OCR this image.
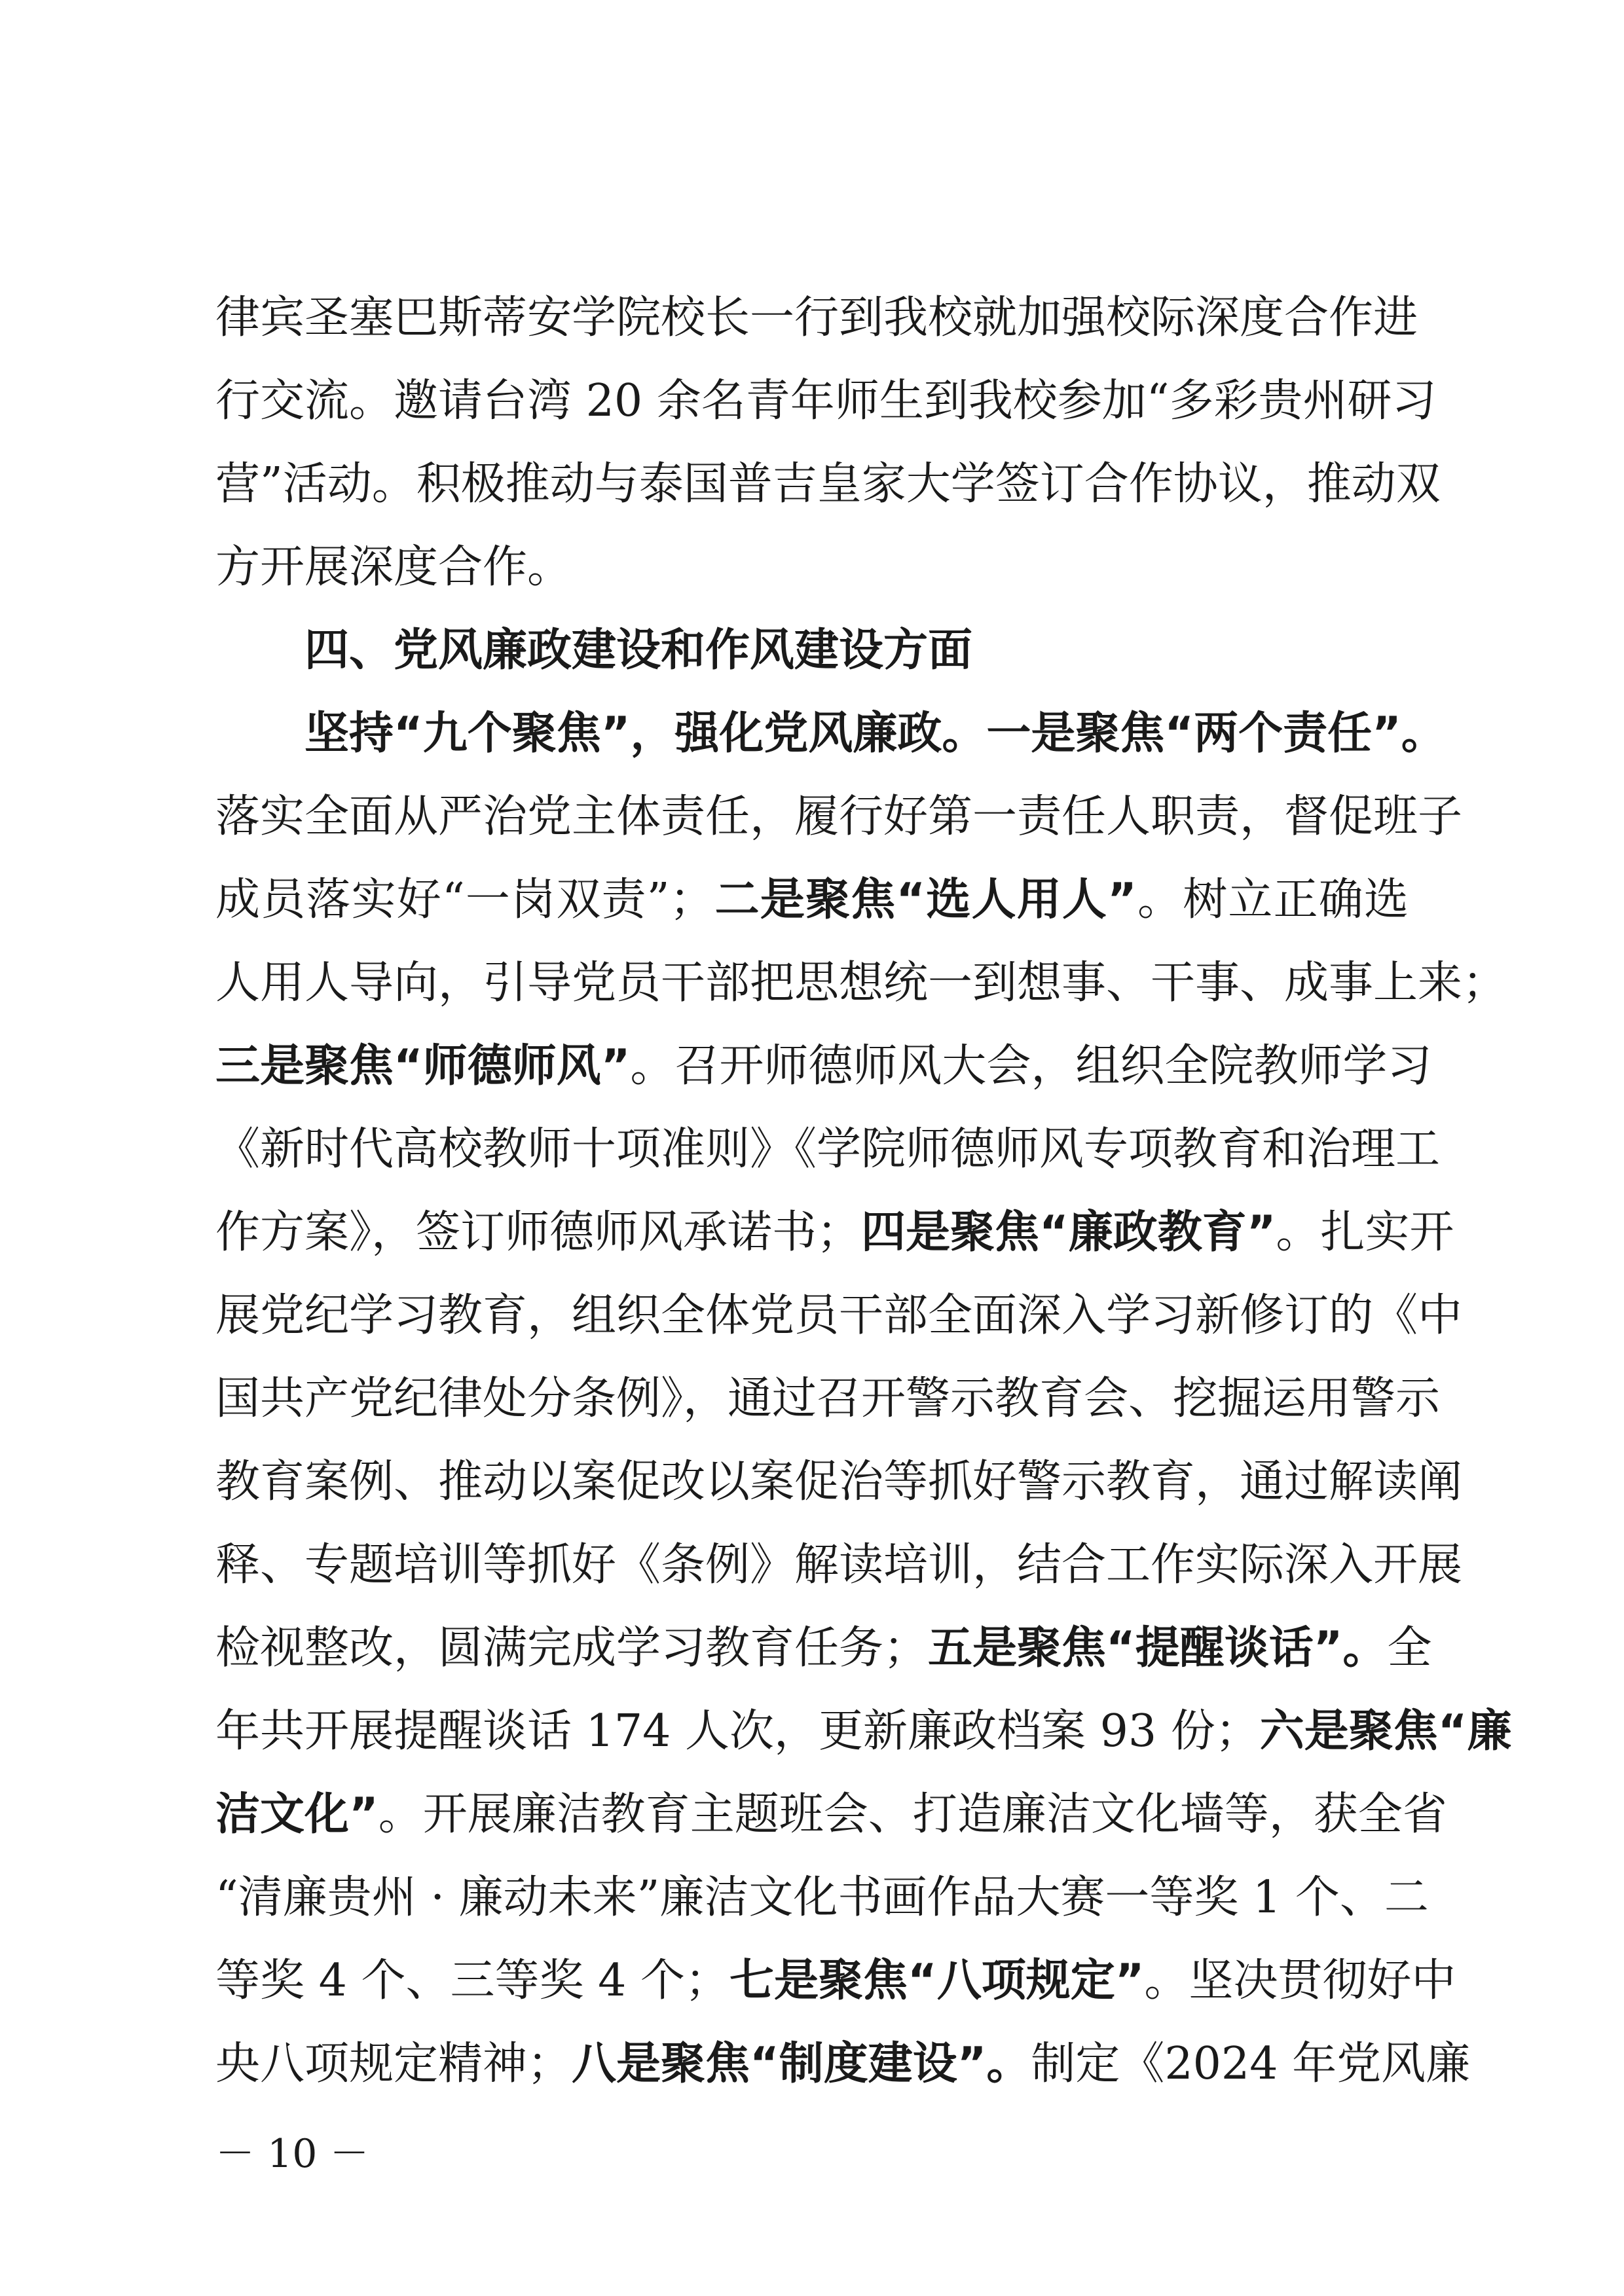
律宾圣塞巴斯蒂安学院校长一行到我校就加强校际深度合作进
行交流。邀请台湾 20 余名青年师生到我校参加“多彩贵州研习
营”活动。积极推动与泰国普吉皇家大学签订合作协议，推动双
方开展深度合作。
四、党风廉政建设和作风建设方面
坚持“九个聚焦”，强化党风廉政。一是聚焦“两个责任”。
落实全面从严治党主体责任，履行好第一责任人职责，督促班子
成员落实好“一岗双责”；二是聚焦“选人用人”。树立正确选
人用人导向，引导党员干部把思想统一到想事、干事、成事上来；
三是聚焦“师德师风”。召开师德师风大会，组织全院教师学习
《新时代高校教师十项准则》《学院师德师风专项教育和治理工
作方案》，签订师德师风承诺书；四是聚焦“廉政教育”。扎实开
展党纪学习教育，组织全体党员干部全面深入学习新修订的《中
国共产党纪律处分条例》，通过召开警示教育会、挖掘运用警示
教育案例、推动以案促改以案促治等抓好警示教育，通过解读阐
释、专题培训等抓好《条例》解读培训，结合工作实际深入开展
检视整改，圆满完成学习教育任务；五是聚焦“提醒谈话”。全
年共开展提醒谈话 174 人次，更新廉政档案 93 份；六是聚焦“廉
洁文化”。开展廉洁教育主题班会、打造廉洁文化墙等，获全省
“清廉贵州 · 廉动未来”廉洁文化书画作品大赛一等奖 1 个、二
等奖 4 个、三等奖 4 个；七是聚焦“八项规定”。坚决贯彻好中
央八项规定精神；八是聚焦“制度建设”。制定《2024 年党风廉
－ 10 －
